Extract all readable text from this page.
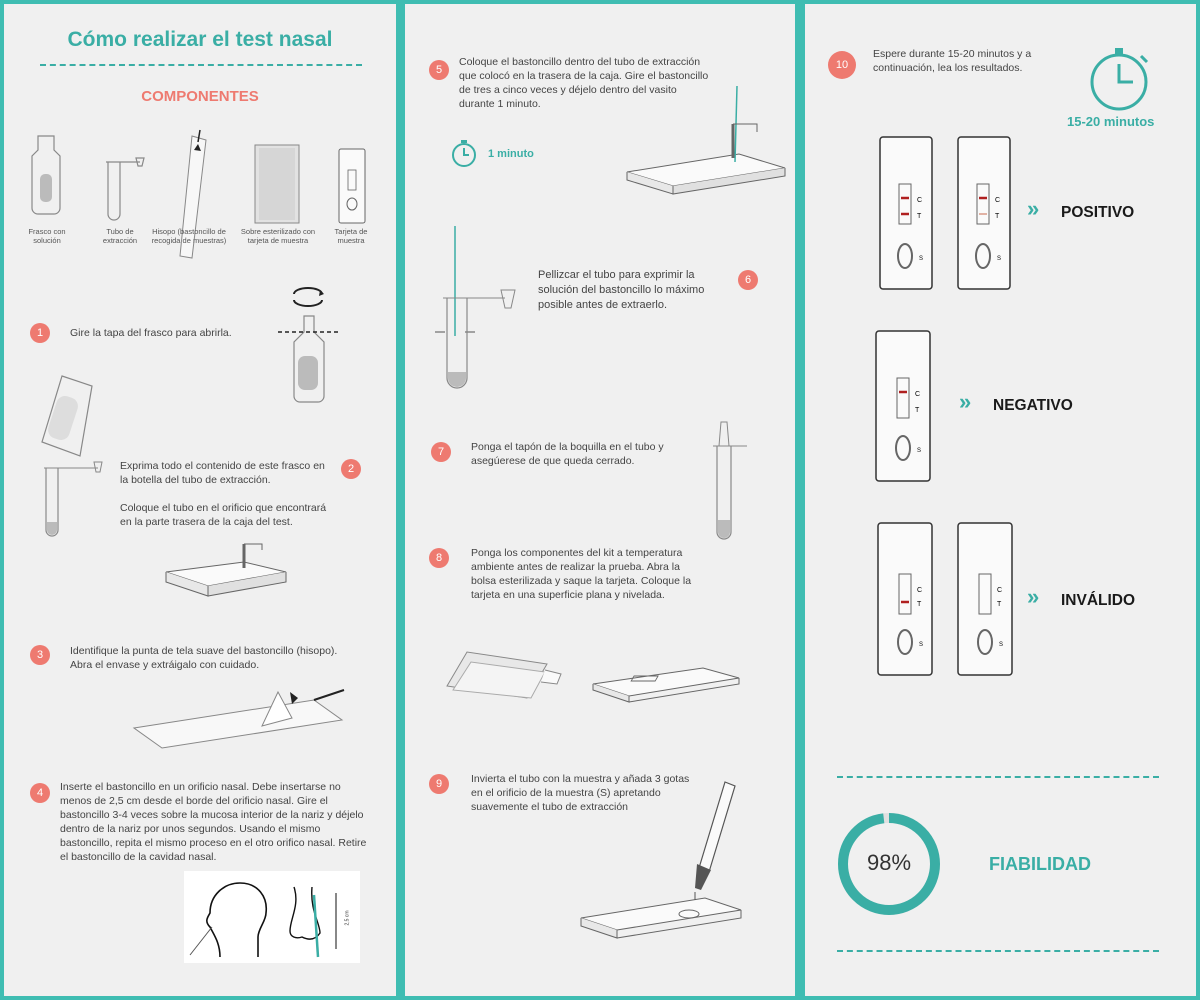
Cómo realizar el test nasal
COMPONENTES
Frasco con solución
Tubo de extracción
Hisopo (bastoncillo de recogida de muestras)
Sobre esterilizado con tarjeta de muestra
Tarjeta de muestra
1	Gire la tapa del frasco para abrirla.
2
Exprima todo el contenido de este frasco en la botella del tubo de extracción.
Coloque el tubo en el orificio que encontrará en la parte trasera de la caja del test.
3	Identifique la punta de tela suave del bastoncillo (hisopo). Abra el envase y extráigalo con cuidado.
4	Inserte el bastoncillo en un orificio nasal. Debe insertarse no menos de 2,5 cm desde el borde del orificio nasal. Gire el bastoncillo 3-4 veces sobre la mucosa interior de la nariz y déjelo dentro de la nariz por unos segundos. Usando el mismo bastoncillo, repita el mismo proceso en el otro orifico nasal. Retire el bastoncillo de la cavidad nasal.
2,5 cm
5
Coloque el bastoncillo dentro del tubo de extracción que colocó en la trasera de la caja. Gire el bastoncillo de tres a cinco veces y déjelo dentro del vasito durante 1 minuto.
1 minuto
6
Pellizcar el tubo para exprimir la solución del bastoncillo lo máximo posible antes de extraerlo.
7	Ponga el tapón de la boquilla en el tubo y asegúerese de que queda cerrado.
8	Ponga los componentes del kit a temperatura ambiente antes de realizar la prueba. Abra la bolsa esterilizada y saque la tarjeta. Coloque la tarjeta en una superficie plana y nivelada.
9	Invierta el tubo con la muestra y añada 3 gotas en el orificio de la muestra (S) apretando suavemente el tubo de extracción
10
Espere durante 15-20 minutos y a continuación, lea los resultados.
15-20 minutos
C
T
S
C
T
S
» POSITIVO
C
T
S
» NEGATIVO
C
T
S
C
T
S
» INVÁLIDO
98%	FIABILIDAD
